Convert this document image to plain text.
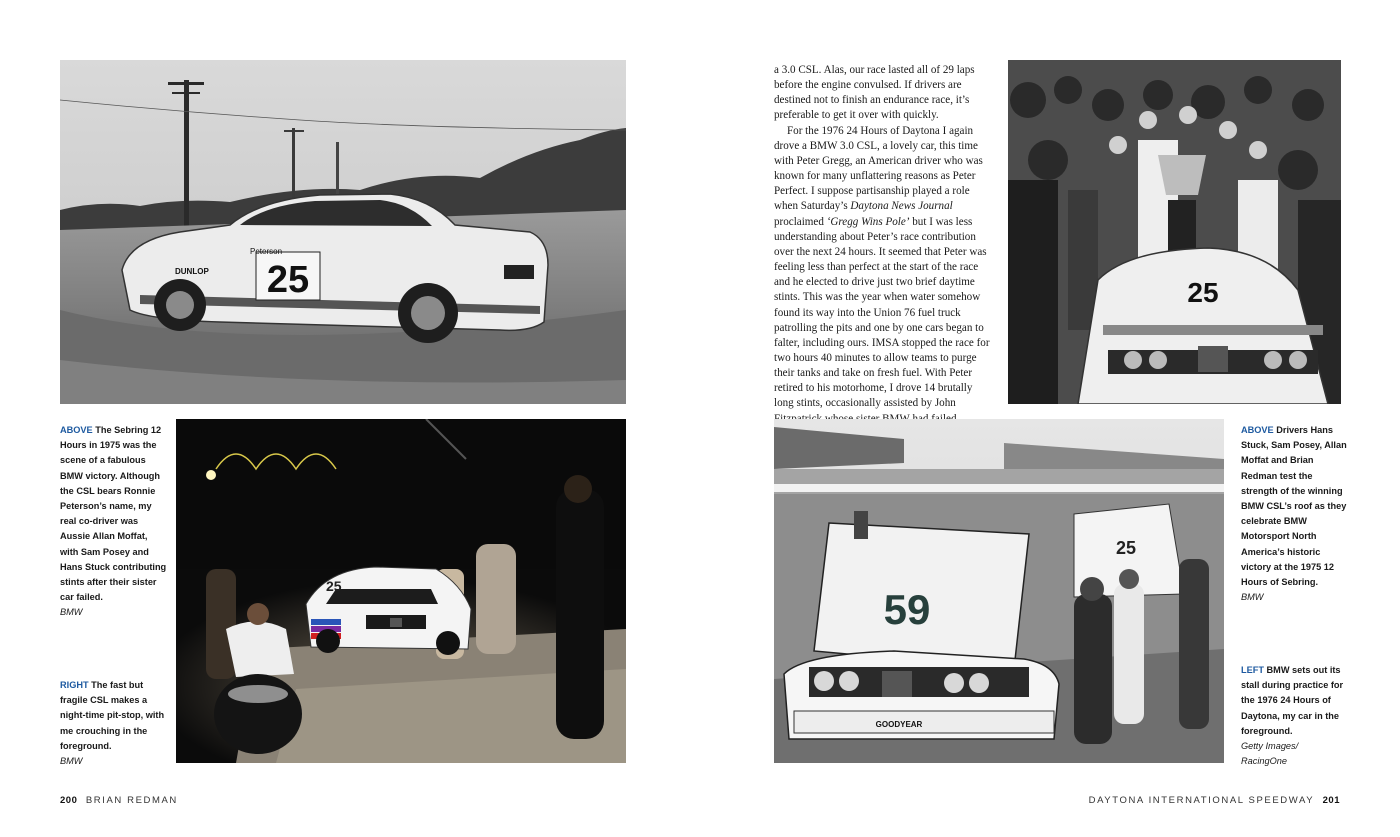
25
DUNLOP
Peterson
ABOVE The Sebring 12 Hours in 1975 was the scene of a fabulous BMW victory. Although the CSL bears Ronnie Peterson’s name, my real co-driver was Aussie Allan Moffat, with Sam Posey and Hans Stuck contributing stints after their sister car failed.
BMW
25
RIGHT The fast but fragile CSL makes a night-time pit-stop, with me crouching in the foreground.
BMW
200 BRIAN REDMAN

a 3.0 CSL. Alas, our race lasted all of 29 laps before the engine convulsed. If drivers are destined not to finish an endurance race, it’s preferable to get it over with quickly.

For the 1976 24 Hours of Daytona I again drove a BMW 3.0 CSL, a lovely car, this time with Peter Gregg, an American driver who was known for many unflattering reasons as Peter Perfect. I suppose partisanship played a role when Saturday’s Daytona News Journal proclaimed ‘Gregg Wins Pole’ but I was less understanding about Peter’s race contribution over the next 24 hours. It seemed that Peter was feeling less than perfect at the start of the race and he elected to drive just two brief daytime stints. This was the year when water somehow found its way into the Union 76 fuel truck patrolling the pits and one by one cars began to falter, including ours. IMSA stopped the race for two hours 40 minutes to allow teams to purge their tanks and take on fresh fuel. With Peter retired to his motorhome, I drove 14 brutally long stints, occasionally assisted by John

25
25
59
GOODYEAR
ABOVE Drivers Hans Stuck, Sam Posey, Allan Moffat and Brian Redman test the strength of the winning BMW CSL’s roof as they celebrate BMW Motorsport North America’s historic victory at the 1975 12 Hours of Sebring.
BMW
LEFT BMW sets out its stall during practice for the 1976 24 Hours of Daytona, my car in the foreground.
Getty Images/
RacingOne
DAYTONA INTERNATIONAL SPEEDWAY 201
